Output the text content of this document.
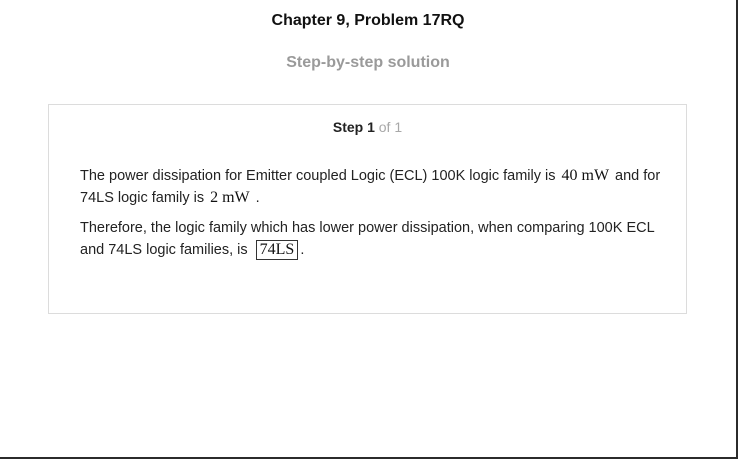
Chapter 9, Problem 17RQ
Step-by-step solution
Step 1 of 1

The power dissipation for Emitter coupled Logic (ECL) 100K logic family is 40 mW and for 74LS logic family is 2 mW .

Therefore, the logic family which has lower power dissipation, when comparing 100K ECL and 74LS logic families, is 74LS .
